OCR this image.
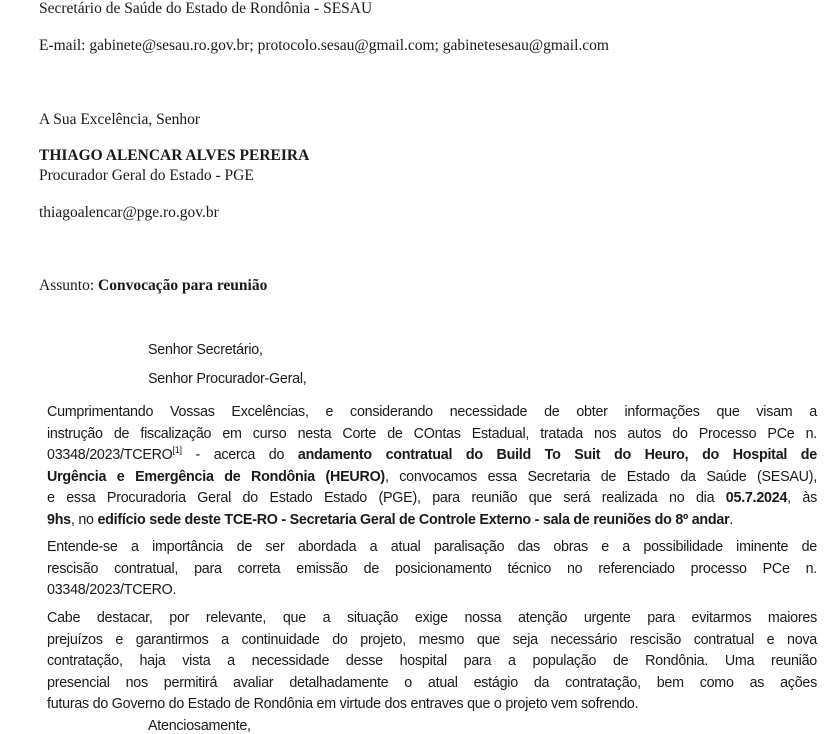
Secretário de Saúde do Estado de Rondônia - SESAU
E-mail: gabinete@sesau.ro.gov.br; protocolo.sesau@gmail.com; gabinetesesau@gmail.com
A Sua Excelência, Senhor
THIAGO ALENCAR ALVES PEREIRA
Procurador Geral do Estado - PGE
thiagoalencar@pge.ro.gov.br
Assunto: Convocação para reunião
Senhor Secretário,
Senhor Procurador-Geral,
Cumprimentando Vossas Excelências, e considerando necessidade de obter informações que visam a
instrução de fiscalização em curso nesta Corte de COntas Estadual, tratada nos autos do Processo PCe n.
03348/2023/TCERO[1] - acerca do andamento contratual do Build To Suit do Heuro, do Hospital de
Urgência e Emergência de Rondônia (HEURO), convocamos essa Secretaria de Estado da Saúde (SESAU),
e essa Procuradoria Geral do Estado Estado (PGE), para reunião que será realizada no dia 05.7.2024, às
9hs, no edifício sede deste TCE-RO - Secretaria Geral de Controle Externo - sala de reuniões do 8º andar.
Entende-se a importância de ser abordada a atual paralisação das obras e a possibilidade iminente de
rescisão contratual, para correta emissão de posicionamento técnico no referenciado processo PCe n.
03348/2023/TCERO.
Cabe destacar, por relevante, que a situação exige nossa atenção urgente para evitarmos maiores
prejuízos e garantirmos a continuidade do projeto, mesmo que seja necessário rescisão contratual e nova
contratação, haja vista a necessidade desse hospital para a população de Rondônia. Uma reunião
presencial nos permitirá avaliar detalhadamente o atual estágio da contratação, bem como as ações
futuras do Governo do Estado de Rondônia em virtude dos entraves que o projeto vem sofrendo.
Atenciosamente,
